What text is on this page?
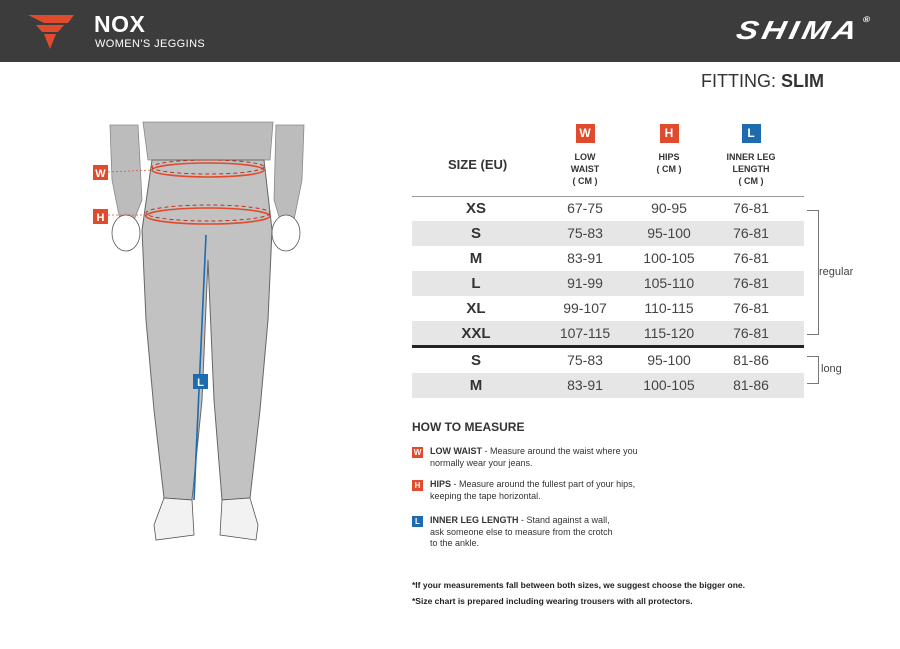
NOX
WOMEN'S JEGGINS	SHIMA®
FITTING: SLIM
W
H
L
SIZE (EU)
W
LOW
WAIST
( CM )
H
HIPS
( CM )
L
INNER LEG
LENGTH
( CM )
XS	67-75	90-95	76-81
S	75-83	95-100	76-81
M	83-91	100-105	76-81
L	91-99	105-110	76-81
XL	99-107	110-115	76-81
XXL	107-115	115-120	76-81
S	75-83	95-100	81-86
M	83-91	100-105	81-86
regular
long
HOW TO MEASURE
W LOW WAIST - Measure around the waist where you
normally wear your jeans.
H HIPS - Measure around the fullest part of your hips,
keeping the tape horizontal.
L	INNER LEG LENGTH - Stand against a wall,
ask someone else to measure from the crotch
to the ankle.
*If your measurements fall between both sizes, we suggest choose the bigger one.
*Size chart is prepared including wearing trousers with all protectors.
